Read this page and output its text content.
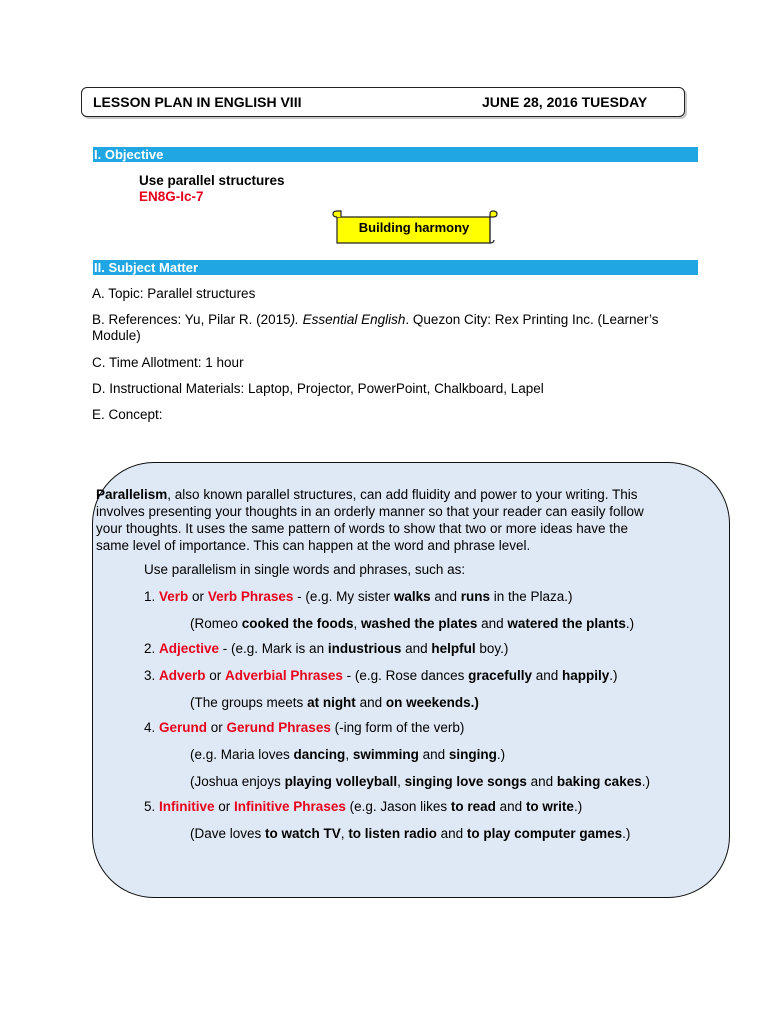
LESSON PLAN IN ENGLISH VIII	JUNE 28, 2016 TUESDAY
I. Objective
Use parallel structures
EN8G-Ic-7
Building harmony
II. Subject Matter
A. Topic: Parallel structures
B. References: Yu, Pilar R. (2015). Essential English. Quezon City: Rex Printing Inc. (Learner’s
Module)
C. Time Allotment: 1 hour
D. Instructional Materials: Laptop, Projector, PowerPoint, Chalkboard, Lapel
E. Concept:
Parallelism, also known parallel structures, can add fluidity and power to your writing. This
involves presenting your thoughts in an orderly manner so that your reader can easily follow
your thoughts. It uses the same pattern of words to show that two or more ideas have the
same level of importance. This can happen at the word and phrase level.
Use parallelism in single words and phrases, such as:
1. Verb or Verb Phrases - (e.g. My sister walks and runs in the Plaza.)
(Romeo cooked the foods, washed the plates and watered the plants.)
2. Adjective - (e.g. Mark is an industrious and helpful boy.)
3. Adverb or Adverbial Phrases - (e.g. Rose dances gracefully and happily.)
(The groups meets at night and on weekends.)
4. Gerund or Gerund Phrases (-ing form of the verb)
(e.g. Maria loves dancing, swimming and singing.)
(Joshua enjoys playing volleyball, singing love songs and baking cakes.)
5. Infinitive or Infinitive Phrases (e.g. Jason likes to read and to write.)
(Dave loves to watch TV, to listen radio and to play computer games.)
